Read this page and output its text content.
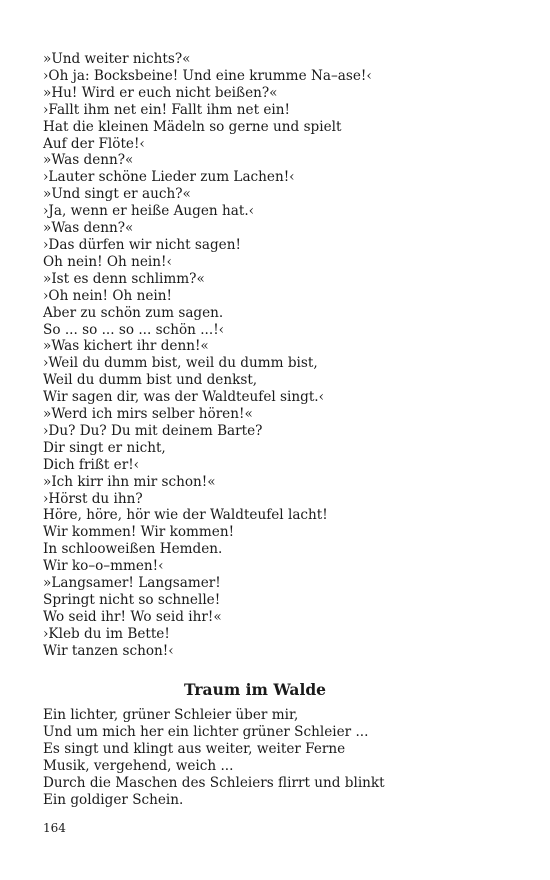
»Und weiter nichts?«
›Oh ja: Bocksbeine! Und eine krumme Na–ase!‹
»Hu! Wird er euch nicht beißen?«
›Fallt ihm net ein! Fallt ihm net ein!
Hat die kleinen Mädeln so gerne und spielt
Auf der Flöte!‹
»Was denn?«
›Lauter schöne Lieder zum Lachen!‹
»Und singt er auch?«
›Ja, wenn er heiße Augen hat.‹
»Was denn?«
›Das dürfen wir nicht sagen!
Oh nein! Oh nein!‹
»Ist es denn schlimm?«
›Oh nein! Oh nein!
Aber zu schön zum sagen.
So ... so ... so ... schön ...!‹
»Was kichert ihr denn!«
›Weil du dumm bist, weil du dumm bist,
Weil du dumm bist und denkst,
Wir sagen dir, was der Waldteufel singt.‹
»Werd ich mirs selber hören!«
›Du? Du? Du mit deinem Barte?
Dir singt er nicht,
Dich frißt er!‹
»Ich kirr ihn mir schon!«
›Hörst du ihn?
Höre, höre, hör wie der Waldteufel lacht!
Wir kommen! Wir kommen!
In schlooweißen Hemden.
Wir ko–o–mmen!‹
»Langsamer! Langsamer!
Springt nicht so schnelle!
Wo seid ihr! Wo seid ihr!«
›Kleb du im Bette!
Wir tanzen schon!‹
Traum im Walde
Ein lichter, grüner Schleier über mir,
Und um mich her ein lichter grüner Schleier ...
Es singt und klingt aus weiter, weiter Ferne
Musik, vergehend, weich ...
Durch die Maschen des Schleiers flirrt und blinkt
Ein goldiger Schein.
164
